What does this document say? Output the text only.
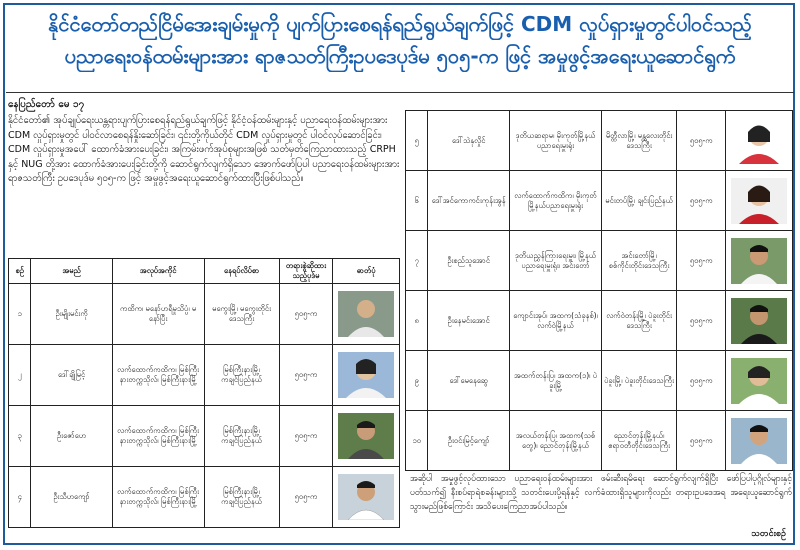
နိုင်ငံတော်တည်ငြိမ်အေးချမ်းမှုကို ပျက်ပြားစေရန်ရည်ရွယ်ချက်ဖြင့် CDM လှုပ်ရှားမှုတွင်ပါဝင်သည့်
ပညာရေးဝန်ထမ်းများအား ရာဇသတ်ကြီးဥပဒေပုဒ်မ ၅၀၅-က ဖြင့် အမှုဖွင့်အရေးယူဆောင်ရွက်
နေပြည်တော် မေ ၁၇
နိုင်ငံတော်၏ အုပ်ချုပ်ရေးယန္တရားပျက်ပြားစေရန်ရည်ရွယ်ချက်ဖြင့် နိုင်ငံ့ဝန်ထမ်းများနှင့် ပညာရေးဝန်ထမ်းများအား CDM လှုပ်ရှားမှုတွင် ပါဝင်လာစေရန်နှိုးဆော်ခြင်း၊ ၎င်းတို့ကိုယ်တိုင် CDM လှုပ်ရှားမှုတွင် ပါဝင်လုပ်ဆောင်ခြင်း၊ CDM လှုပ်ရှားမှုအပေါ် ထောက်ခံအားပေးခြင်း၊ အကြမ်းဖက်အုပ်စုများအဖြစ် သတ်မှတ်ကြေညာထားသည့် CRPH နှင့် NUG တို့အား ထောက်ခံအားပေးခြင်းတို့ကို ဆောင်ရွက်လျက်ရှိသော အောက်ဖော်ပြပါ ပညာရေးဝန်ထမ်းများအား ရာဇသတ်ကြီး ဥပဒေပုဒ်မ ၅၀၅-က ဖြင့် အမှုဖွင့်အရေးယူဆောင်ရွက်ထားပြီးဖြစ်ပါသည်။
စဉ်	အမည်	အလုပ်အကိုင်	နေရပ်လိပ်စာ	တရားစွဲဆိုထားသည့်ပုဒ်မ	ဓာတ်ပုံ
၁	ဦးမျိုးမင်းကို	ကထိက၊ မနော်ဟရီမှုသိပ္ပံ၊ မနော်ပြီး	မကွေးမြို့၊ မကွေးတိုင်းဒေသကြီး	၅၀၅-က	

၂	ဒေါ်ချိုမြင့်	လက်ထောက်ကထိက၊ မြစ်ကြီးနားတက္ကသိုလ်၊ မြစ်ကြီးနားမြို့	မြစ်ကြီးနားမြို့၊ ကချင်ပြည်နယ်	၅၀၅-က	

၃	ဦးဇော်ဟေ	လက်ထောက်ကထိက၊ မြစ်ကြီးနားတက္ကသိုလ်၊ မြစ်ကြီးနားမြို့	မြစ်ကြီးနားမြို့၊ ကချင်ပြည်နယ်	၅၀၅-က	

၄	ဦးသီဟကျော်	လက်ထောက်ကထိက၊ မြစ်ကြီးနားတက္ကသိုလ်၊ မြစ်ကြီးနားမြို့	မြစ်ကြီးနားမြို့၊ ကချင်ပြည်နယ်	၅၀၅-က	
၅	ဒေါ်သဲနုလှိုင်	ဒုတိယဆရာမ၊ မိုးကုတ်မြို့နယ်ပညာရေးမှူးရုံး	မိတ္ထီလာမြို့၊ မန္တလေးတိုင်းဒေသကြီး	၅၀၅-က	

၆	ဒေါ်အင်ကောကင်းကုန်းအွန်	လက်ထောက်ကထိက၊ မိုးကုတ်မြို့နယ်ပညာရေးမှူးရုံး	မင်းတပ်မြို့၊ ချင်းပြည်နယ်	၅၀၅-က	

၇	ဦးစည်သူအောင်	ဒုတိယညွှန်ကြားရေးမှူး၊ မြို့နယ်ပညာရေးမှူးရုံး၊ အင်းတော်	အင်းတော်မြို့၊ စစ်ကိုင်းတိုင်းဒေသကြီး	၅၀၅-က	

၈	ဦးနေမင်းအောင်	ကျောင်းအုပ်၊ အထက(သံခုနစ်)၊ လက်ဝဲမြို့နယ်	လက်ဝဲတန်းမြို့၊ ပဲခူးတိုင်းဒေသကြီး	၅၀၅-က	

၉	ဒေါ်မေနေဆွေ	အထက်တန်းပြ၊ အထက(၁)၊ ပဲခူးမြို့	ပဲခူးမြို့၊ ပဲခူးတိုင်းဒေသကြီး	၅၀၅-က	

၁၀	ဦးဝင်းမြင့်ကျော်	အလယ်တန်းပြ၊ အထက(သစ်တွေ)၊ ညောင်တုန်းမြို့နယ်	ညောင်တုန်းမြို့နယ်၊ ဧရာဝတီတိုင်းဒေသကြီး	၅၀၅-က	
အဆိုပါ အမှုဖွင့်လုပ်ထားသော ပညာရေးဝန်ထမ်းများအား ဖမ်းဆီးရမိရေး ဆောင်ရွက်လျက်ရှိပြီး ဖော်ပြပါပုဂ္ဂိုလ်များနှင့်ပတ်သက်၍ နီးစပ်ရာရဲစခန်းများသို့ သတင်းပေးပို့ရန်နှင့် လက်ခံထားရှိသူများကိုလည်း တရားဥပဒေအရ အရေးယူဆောင်ရွက်သွားမည်ဖြစ်ကြောင်း အသိပေးကြေညာအပ်ပါသည်။
သတင်းစဉ်
